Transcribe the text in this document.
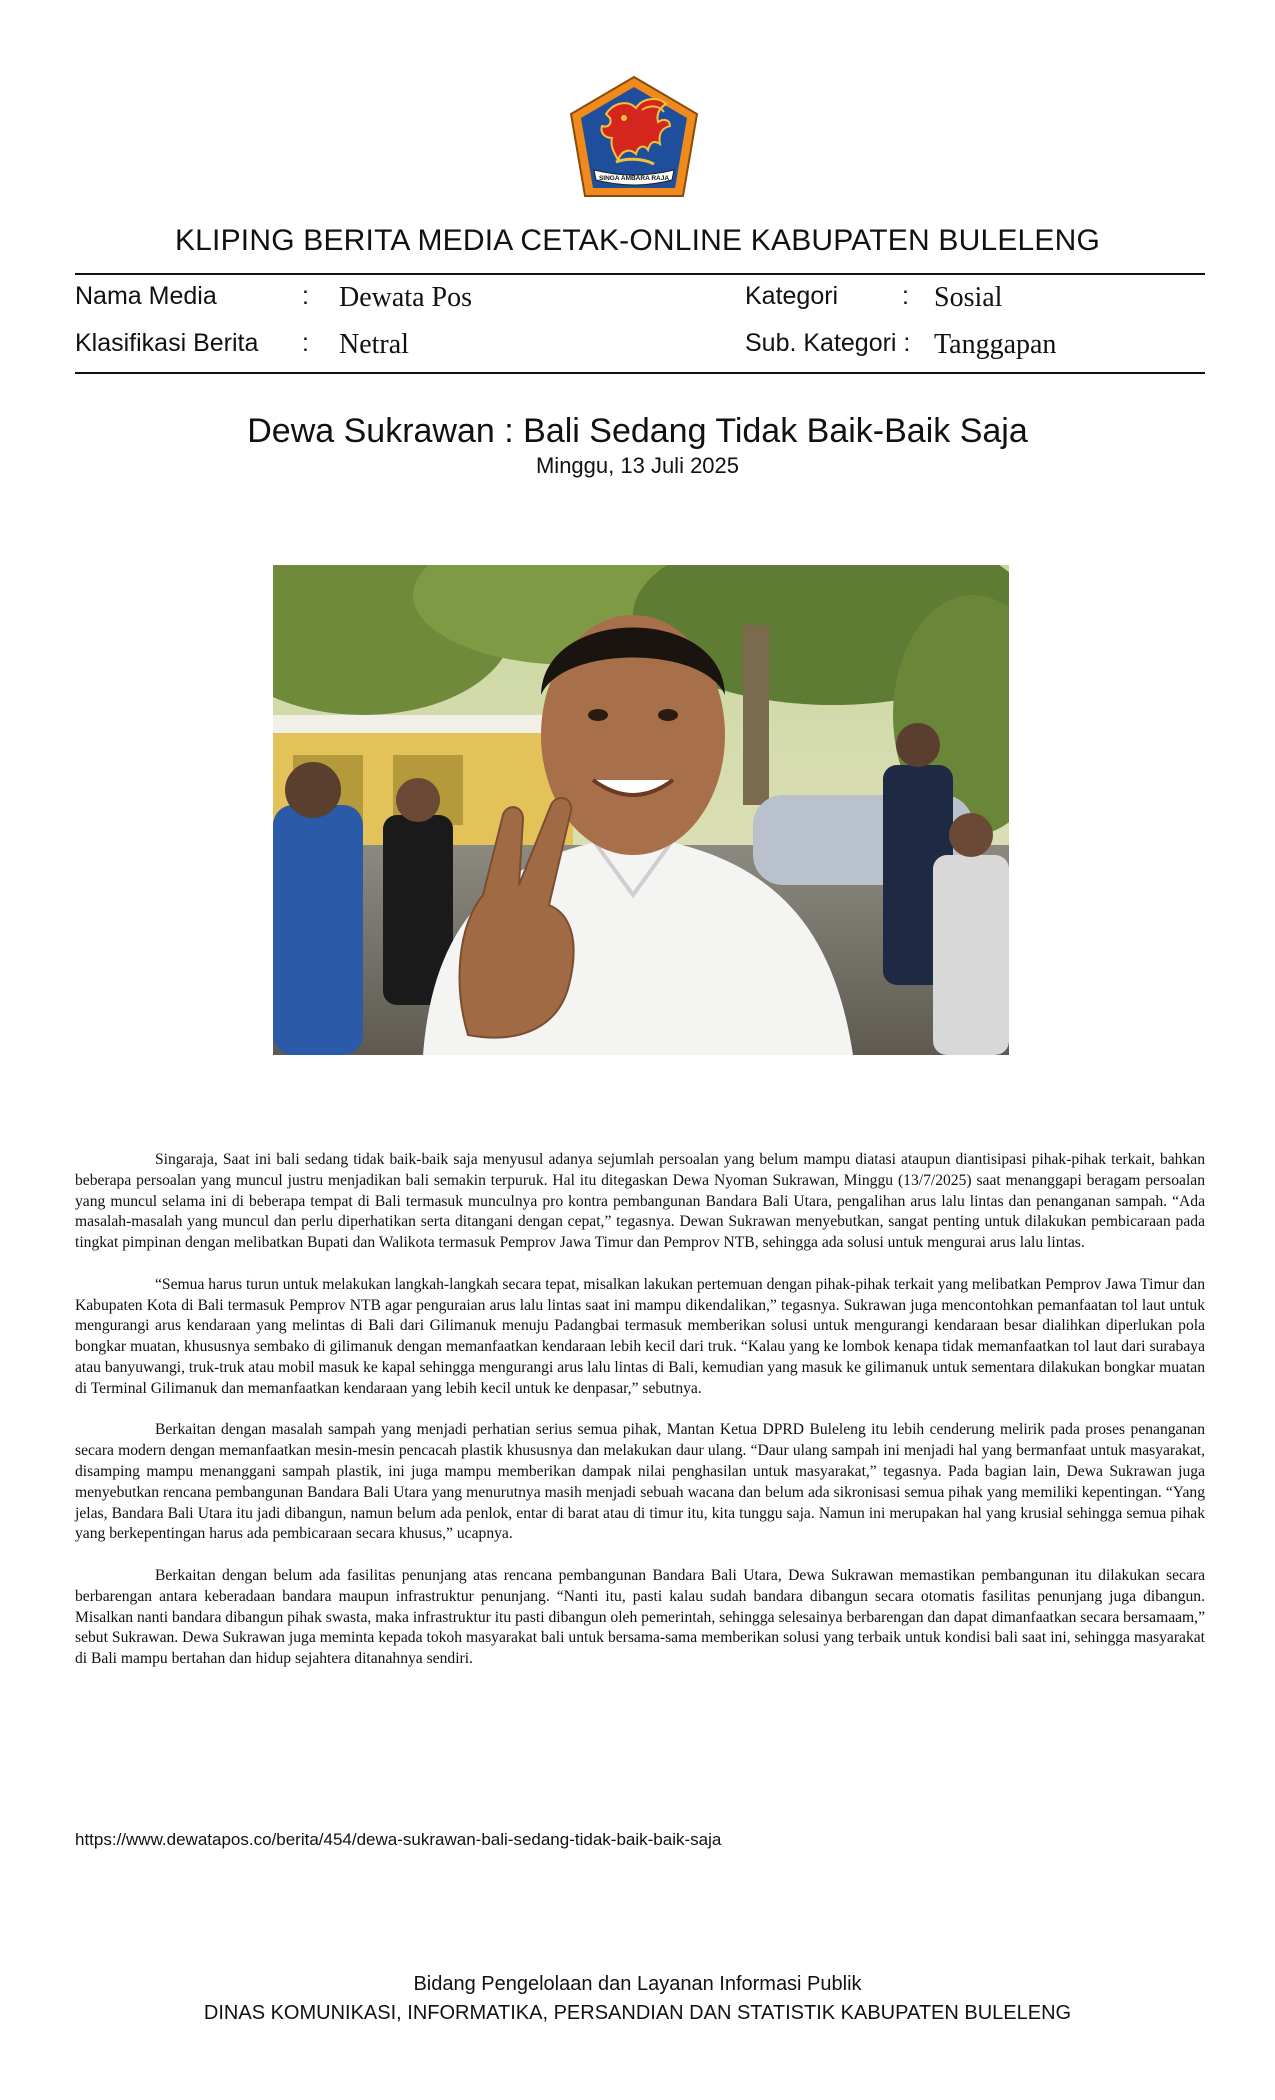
SINGA AMBARA RAJA
KLIPING BERITA MEDIA CETAK-ONLINE KABUPATEN BULELENG
Nama Media	: Dewata Pos	Kategori	: Sosial
Klasifikasi Berita : Netral	Sub. Kategori : Tanggapan
Dewa Sukrawan : Bali Sedang Tidak Baik-Baik Saja
Minggu, 13 Juli 2025

Singaraja, Saat ini bali sedang tidak baik-baik saja menyusul adanya sejumlah persoalan yang belum mampu diatasi ataupun diantisipasi pihak-pihak terkait, bahkan beberapa persoalan yang muncul justru menjadikan bali semakin terpuruk. Hal itu ditegaskan Dewa Nyoman Sukrawan, Minggu (13/7/2025) saat menanggapi beragam persoalan yang muncul selama ini di beberapa tempat di Bali termasuk munculnya pro kontra pembangunan Bandara Bali Utara, pengalihan arus lalu lintas dan penanganan sampah. “Ada masalah-masalah yang muncul dan perlu diperhatikan serta ditangani dengan cepat,” tegasnya. Dewan Sukrawan menyebutkan, sangat penting untuk dilakukan pembicaraan pada tingkat pimpinan dengan melibatkan Bupati dan Walikota termasuk Pemprov Jawa Timur dan Pemprov NTB, sehingga ada solusi untuk mengurai arus lalu lintas.

“Semua harus turun untuk melakukan langkah-langkah secara tepat, misalkan lakukan pertemuan dengan pihak-pihak terkait yang melibatkan Pemprov Jawa Timur dan Kabupaten Kota di Bali termasuk Pemprov NTB agar penguraian arus lalu lintas saat ini mampu dikendalikan,” tegasnya. Sukrawan juga mencontohkan pemanfaatan tol laut untuk mengurangi arus kendaraan yang melintas di Bali dari Gilimanuk menuju Padangbai termasuk memberikan solusi untuk mengurangi kendaraan besar dialihkan diperlukan pola bongkar muatan, khususnya sembako di gilimanuk dengan memanfaatkan kendaraan lebih kecil dari truk. “Kalau yang ke lombok kenapa tidak memanfaatkan tol laut dari surabaya atau banyuwangi, truk-truk atau mobil masuk ke kapal sehingga mengurangi arus lalu lintas di Bali, kemudian yang masuk ke gilimanuk untuk sementara dilakukan bongkar muatan di Terminal Gilimanuk dan memanfaatkan kendaraan yang lebih kecil untuk ke denpasar,” sebutnya.

Berkaitan dengan masalah sampah yang menjadi perhatian serius semua pihak, Mantan Ketua DPRD Buleleng itu lebih cenderung melirik pada proses penanganan secara modern dengan memanfaatkan mesin-mesin pencacah plastik khususnya dan melakukan daur ulang. “Daur ulang sampah ini menjadi hal yang bermanfaat untuk masyarakat, disamping mampu menanggani sampah plastik, ini juga mampu memberikan dampak nilai penghasilan untuk masyarakat,” tegasnya. Pada bagian lain, Dewa Sukrawan juga menyebutkan rencana pembangunan Bandara Bali Utara yang menurutnya masih menjadi sebuah wacana dan belum ada sikronisasi semua pihak yang memiliki kepentingan. “Yang jelas, Bandara Bali Utara itu jadi dibangun, namun belum ada penlok, entar di barat atau di timur itu, kita tunggu saja. Namun ini merupakan hal yang krusial sehingga semua pihak yang berkepentingan harus ada pembicaraan secara khusus,” ucapnya.

Berkaitan dengan belum ada fasilitas penunjang atas rencana pembangunan Bandara Bali Utara, Dewa Sukrawan memastikan pembangunan itu dilakukan secara berbarengan antara keberadaan bandara maupun infrastruktur penunjang. “Nanti itu, pasti kalau sudah bandara dibangun secara otomatis fasilitas penunjang juga dibangun. Misalkan nanti bandara dibangun pihak swasta, maka infrastruktur itu pasti dibangun oleh pemerintah, sehingga selesainya berbarengan dan dapat dimanfaatkan secara bersamaam,” sebut Sukrawan. Dewa Sukrawan juga meminta kepada tokoh masyarakat bali untuk bersama-sama memberikan solusi yang terbaik untuk kondisi bali saat ini, sehingga masyarakat di Bali mampu bertahan dan hidup sejahtera ditanahnya sendiri.

https://www.dewatapos.co/berita/454/dewa-sukrawan-bali-sedang-tidak-baik-baik-saja
Bidang Pengelolaan dan Layanan Informasi Publik
DINAS KOMUNIKASI, INFORMATIKA, PERSANDIAN DAN STATISTIK KABUPATEN BULELENG
